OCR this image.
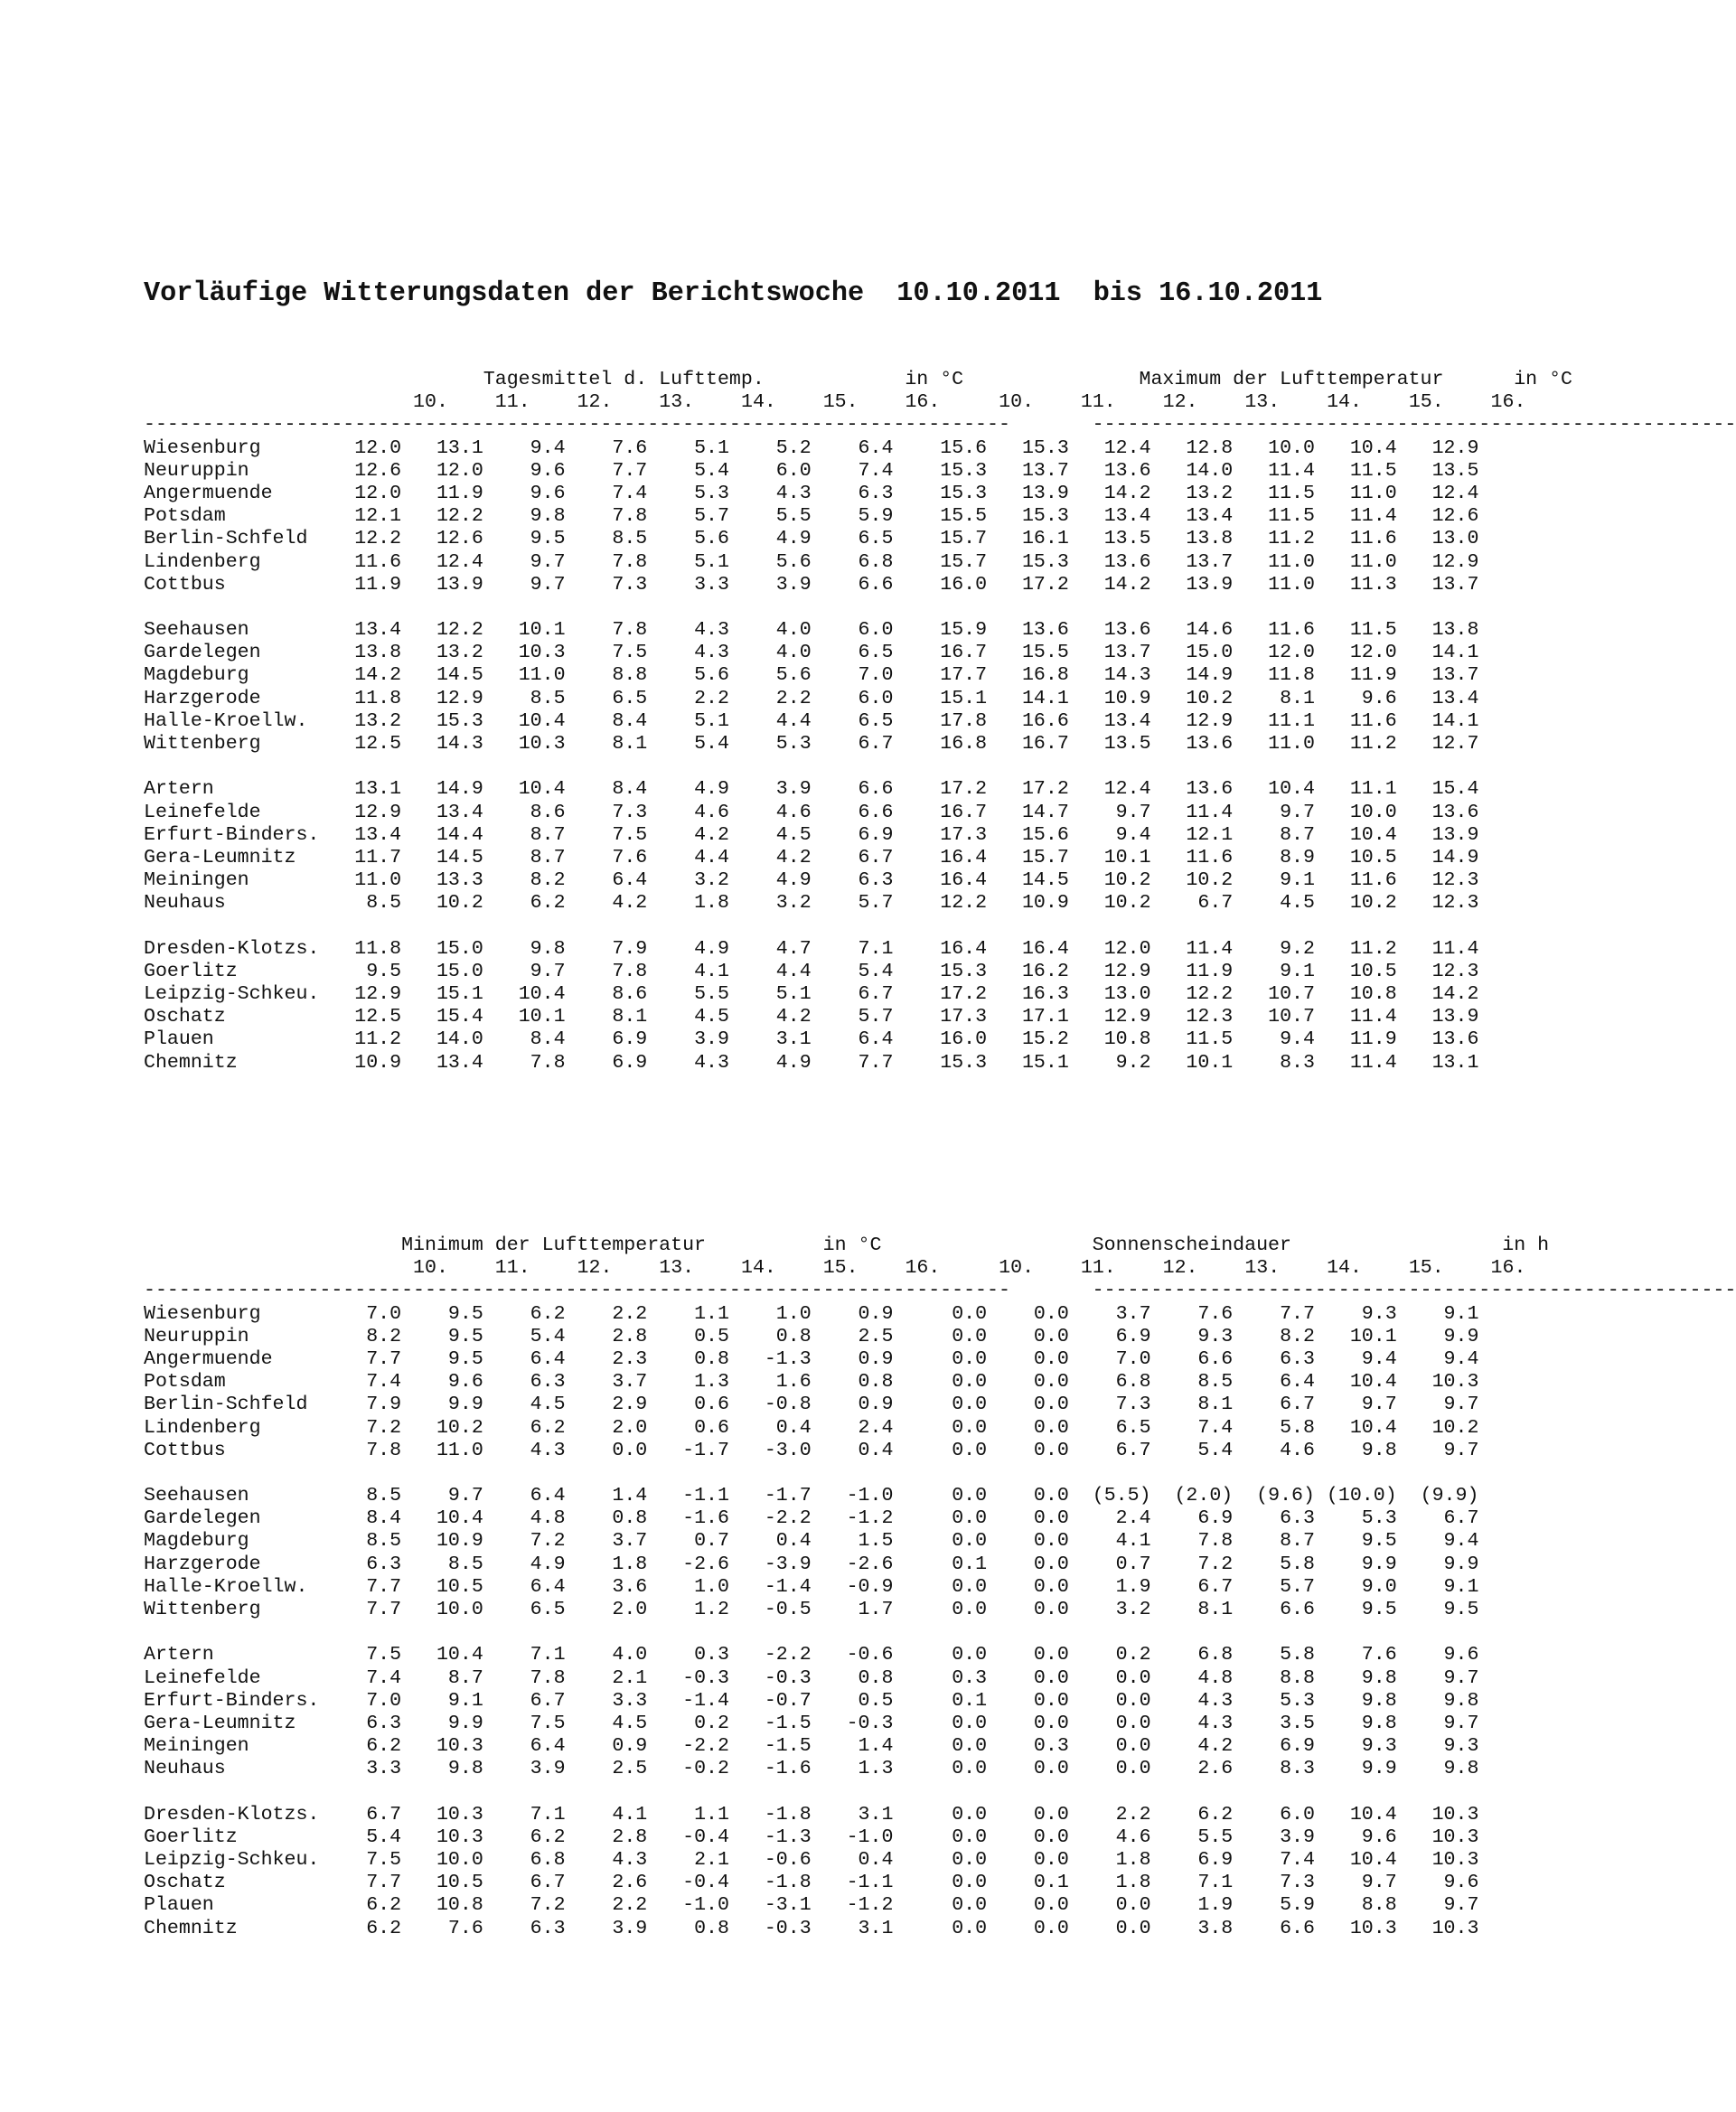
Vorläufige Witterungsdaten der Berichtswoche  10.10.2011  bis 16.10.2011
Tagesmittel d. Lufttemp.	in °C	Maximum der Lufttemperatur	in °C
10.    11.    12.    13.    14.    15.    16.     10.    11.    12.    13.    14.    15.    16.
--------------------------------------------------------------------------       -------------------------------------------------------
Wiesenburg        12.0   13.1    9.4    7.6    5.1    5.2    6.4    15.6   15.3   12.4   12.8   10.0   10.4   12.9
Neuruppin         12.6   12.0    9.6    7.7    5.4    6.0    7.4    15.3   13.7   13.6   14.0   11.4   11.5   13.5
Angermuende       12.0   11.9    9.6    7.4    5.3    4.3    6.3    15.3   13.9   14.2   13.2   11.5   11.0   12.4
Potsdam           12.1   12.2    9.8    7.8    5.7    5.5    5.9    15.5   15.3   13.4   13.4   11.5   11.4   12.6
Berlin-Schfeld    12.2   12.6    9.5    8.5    5.6    4.9    6.5    15.7   16.1   13.5   13.8   11.2   11.6   13.0
Lindenberg        11.6   12.4    9.7    7.8    5.1    5.6    6.8    15.7   15.3   13.6   13.7   11.0   11.0   12.9
Cottbus           11.9   13.9    9.7    7.3    3.3    3.9    6.6    16.0   17.2   14.2   13.9   11.0   11.3   13.7
Seehausen         13.4   12.2   10.1    7.8    4.3    4.0    6.0    15.9   13.6   13.6   14.6   11.6   11.5   13.8
Gardelegen        13.8   13.2   10.3    7.5    4.3    4.0    6.5    16.7   15.5   13.7   15.0   12.0   12.0   14.1
Magdeburg         14.2   14.5   11.0    8.8    5.6    5.6    7.0    17.7   16.8   14.3   14.9   11.8   11.9   13.7
Harzgerode        11.8   12.9    8.5    6.5    2.2    2.2    6.0    15.1   14.1   10.9   10.2    8.1    9.6   13.4
Halle-Kroellw.    13.2   15.3   10.4    8.4    5.1    4.4    6.5    17.8   16.6   13.4   12.9   11.1   11.6   14.1
Wittenberg        12.5   14.3   10.3    8.1    5.4    5.3    6.7    16.8   16.7   13.5   13.6   11.0   11.2   12.7
Artern            13.1   14.9   10.4    8.4    4.9    3.9    6.6    17.2   17.2   12.4   13.6   10.4   11.1   15.4
Leinefelde        12.9   13.4    8.6    7.3    4.6    4.6    6.6    16.7   14.7    9.7   11.4    9.7   10.0   13.6
Erfurt-Binders.   13.4   14.4    8.7    7.5    4.2    4.5    6.9    17.3   15.6    9.4   12.1    8.7   10.4   13.9
Gera-Leumnitz     11.7   14.5    8.7    7.6    4.4    4.2    6.7    16.4   15.7   10.1   11.6    8.9   10.5   14.9
Meiningen         11.0   13.3    8.2    6.4    3.2    4.9    6.3    16.4   14.5   10.2   10.2    9.1   11.6   12.3
Neuhaus            8.5   10.2    6.2    4.2    1.8    3.2    5.7    12.2   10.9   10.2    6.7    4.5   10.2   12.3
Dresden-Klotzs.   11.8   15.0    9.8    7.9    4.9    4.7    7.1    16.4   16.4   12.0   11.4    9.2   11.2   11.4
Goerlitz           9.5   15.0    9.7    7.8    4.1    4.4    5.4    15.3   16.2   12.9   11.9    9.1   10.5   12.3
Leipzig-Schkeu.   12.9   15.1   10.4    8.6    5.5    5.1    6.7    17.2   16.3   13.0   12.2   10.7   10.8   14.2
Oschatz           12.5   15.4   10.1    8.1    4.5    4.2    5.7    17.3   17.1   12.9   12.3   10.7   11.4   13.9
Plauen            11.2   14.0    8.4    6.9    3.9    3.1    6.4    16.0   15.2   10.8   11.5    9.4   11.9   13.6
Chemnitz          10.9   13.4    7.8    6.9    4.3    4.9    7.7    15.3   15.1    9.2   10.1    8.3   11.4   13.1
Minimum der Lufttemperatur	in °C	Sonnenscheindauer	in h
10.    11.    12.    13.    14.    15.    16.     10.    11.    12.    13.    14.    15.    16.
--------------------------------------------------------------------------       -------------------------------------------------------
Wiesenburg         7.0    9.5    6.2    2.2    1.1    1.0    0.9     0.0    0.0    3.7    7.6    7.7    9.3    9.1
Neuruppin          8.2    9.5    5.4    2.8    0.5    0.8    2.5     0.0    0.0    6.9    9.3    8.2   10.1    9.9
Angermuende        7.7    9.5    6.4    2.3    0.8   -1.3    0.9     0.0    0.0    7.0    6.6    6.3    9.4    9.4
Potsdam            7.4    9.6    6.3    3.7    1.3    1.6    0.8     0.0    0.0    6.8    8.5    6.4   10.4   10.3
Berlin-Schfeld     7.9    9.9    4.5    2.9    0.6   -0.8    0.9     0.0    0.0    7.3    8.1    6.7    9.7    9.7
Lindenberg         7.2   10.2    6.2    2.0    0.6    0.4    2.4     0.0    0.0    6.5    7.4    5.8   10.4   10.2
Cottbus            7.8   11.0    4.3    0.0   -1.7   -3.0    0.4     0.0    0.0    6.7    5.4    4.6    9.8    9.7
Seehausen          8.5    9.7    6.4    1.4   -1.1   -1.7   -1.0     0.0    0.0  (5.5)  (2.0)  (9.6) (10.0)  (9.9)
Gardelegen         8.4   10.4    4.8    0.8   -1.6   -2.2   -1.2     0.0    0.0    2.4    6.9    6.3    5.3    6.7
Magdeburg          8.5   10.9    7.2    3.7    0.7    0.4    1.5     0.0    0.0    4.1    7.8    8.7    9.5    9.4
Harzgerode         6.3    8.5    4.9    1.8   -2.6   -3.9   -2.6     0.1    0.0    0.7    7.2    5.8    9.9    9.9
Halle-Kroellw.     7.7   10.5    6.4    3.6    1.0   -1.4   -0.9     0.0    0.0    1.9    6.7    5.7    9.0    9.1
Wittenberg         7.7   10.0    6.5    2.0    1.2   -0.5    1.7     0.0    0.0    3.2    8.1    6.6    9.5    9.5
Artern             7.5   10.4    7.1    4.0    0.3   -2.2   -0.6     0.0    0.0    0.2    6.8    5.8    7.6    9.6
Leinefelde         7.4    8.7    7.8    2.1   -0.3   -0.3    0.8     0.3    0.0    0.0    4.8    8.8    9.8    9.7
Erfurt-Binders.    7.0    9.1    6.7    3.3   -1.4   -0.7    0.5     0.1    0.0    0.0    4.3    5.3    9.8    9.8
Gera-Leumnitz      6.3    9.9    7.5    4.5    0.2   -1.5   -0.3     0.0    0.0    0.0    4.3    3.5    9.8    9.7
Meiningen          6.2   10.3    6.4    0.9   -2.2   -1.5    1.4     0.0    0.3    0.0    4.2    6.9    9.3    9.3
Neuhaus            3.3    9.8    3.9    2.5   -0.2   -1.6    1.3     0.0    0.0    0.0    2.6    8.3    9.9    9.8
Dresden-Klotzs.    6.7   10.3    7.1    4.1    1.1   -1.8    3.1     0.0    0.0    2.2    6.2    6.0   10.4   10.3
Goerlitz           5.4   10.3    6.2    2.8   -0.4   -1.3   -1.0     0.0    0.0    4.6    5.5    3.9    9.6   10.3
Leipzig-Schkeu.    7.5   10.0    6.8    4.3    2.1   -0.6    0.4     0.0    0.0    1.8    6.9    7.4   10.4   10.3
Oschatz            7.7   10.5    6.7    2.6   -0.4   -1.8   -1.1     0.0    0.1    1.8    7.1    7.3    9.7    9.6
Plauen             6.2   10.8    7.2    2.2   -1.0   -3.1   -1.2     0.0    0.0    0.0    1.9    5.9    8.8    9.7
Chemnitz           6.2    7.6    6.3    3.9    0.8   -0.3    3.1     0.0    0.0    0.0    3.8    6.6   10.3   10.3
